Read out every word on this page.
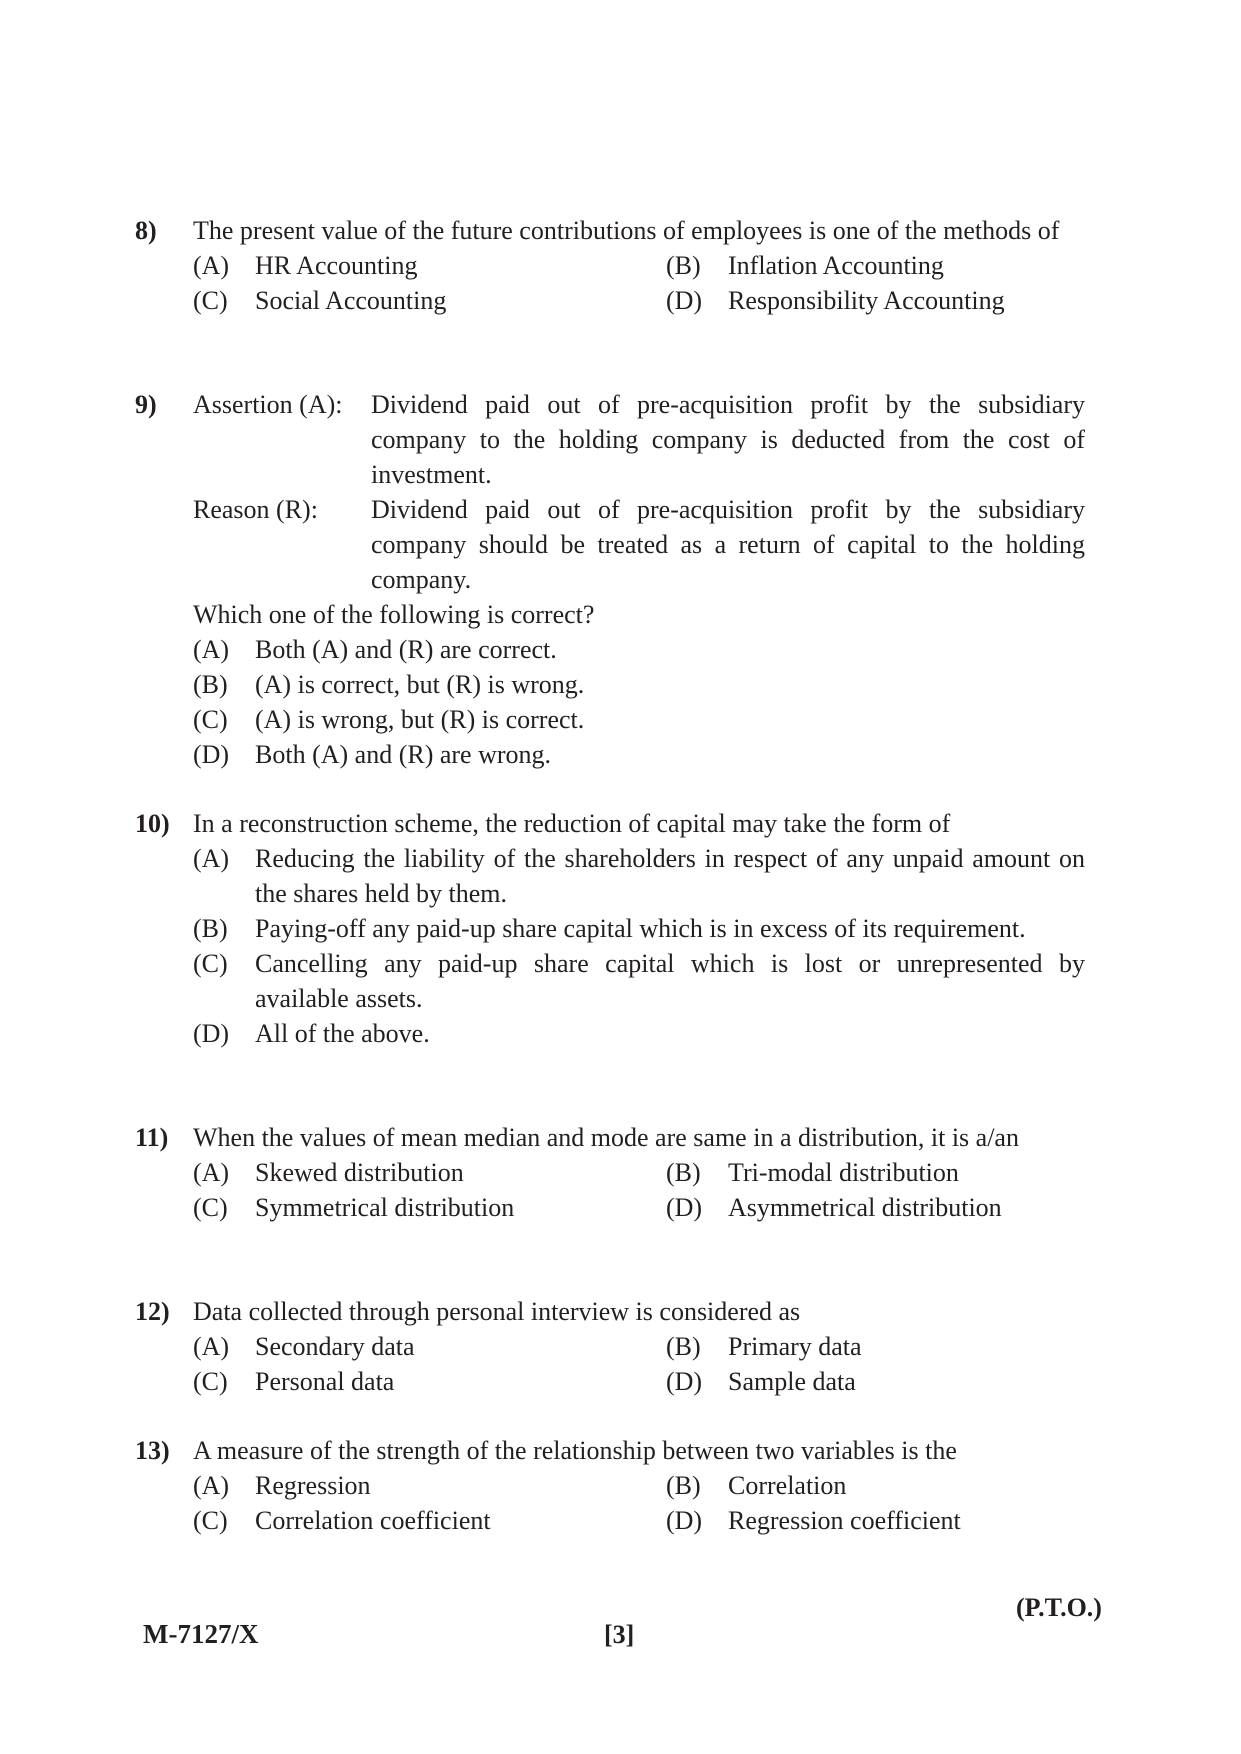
8) The present value of the future contributions of employees is one of the methods of
(A) HR Accounting	(B)	Inflation Accounting
(C)	Social Accounting	(D) Responsibility Accounting
9) Assertion (A):	Dividend paid out of pre-acquisition profit by the subsidiary company to the holding company is deducted from the cost of investment.
Reason (R):	Dividend paid out of pre-acquisition profit by the subsidiary company should be treated as a return of capital to the holding company.
Which one of the following is correct?
(A) Both (A) and (R) are correct.
(B)	(A) is correct, but (R) is wrong.
(C)	(A) is wrong, but (R) is correct.
(D) Both (A) and (R) are wrong.
10) In a reconstruction scheme, the reduction of capital may take the form of
(A) Reducing the liability of the shareholders in respect of any unpaid amount on the shares held by them.
(B)	Paying-off any paid-up share capital which is in excess of its requirement.
(C)	Cancelling any paid-up share capital which is lost or unrepresented by available assets.
(D) All of the above.
11) When the values of mean median and mode are same in a distribution, it is a/an
(A) Skewed distribution	(B)	Tri-modal distribution
(C)	Symmetrical distribution	(D) Asymmetrical distribution
12) Data collected through personal interview is considered as
(A) Secondary data	(B)	Primary data
(C)	Personal data	(D) Sample data
13) A measure of the strength of the relationship between two variables is the
(A) Regression	(B)	Correlation
(C)	Correlation coefficient	(D) Regression coefficient
(P.T.O.)
M-7127/X	[3]
